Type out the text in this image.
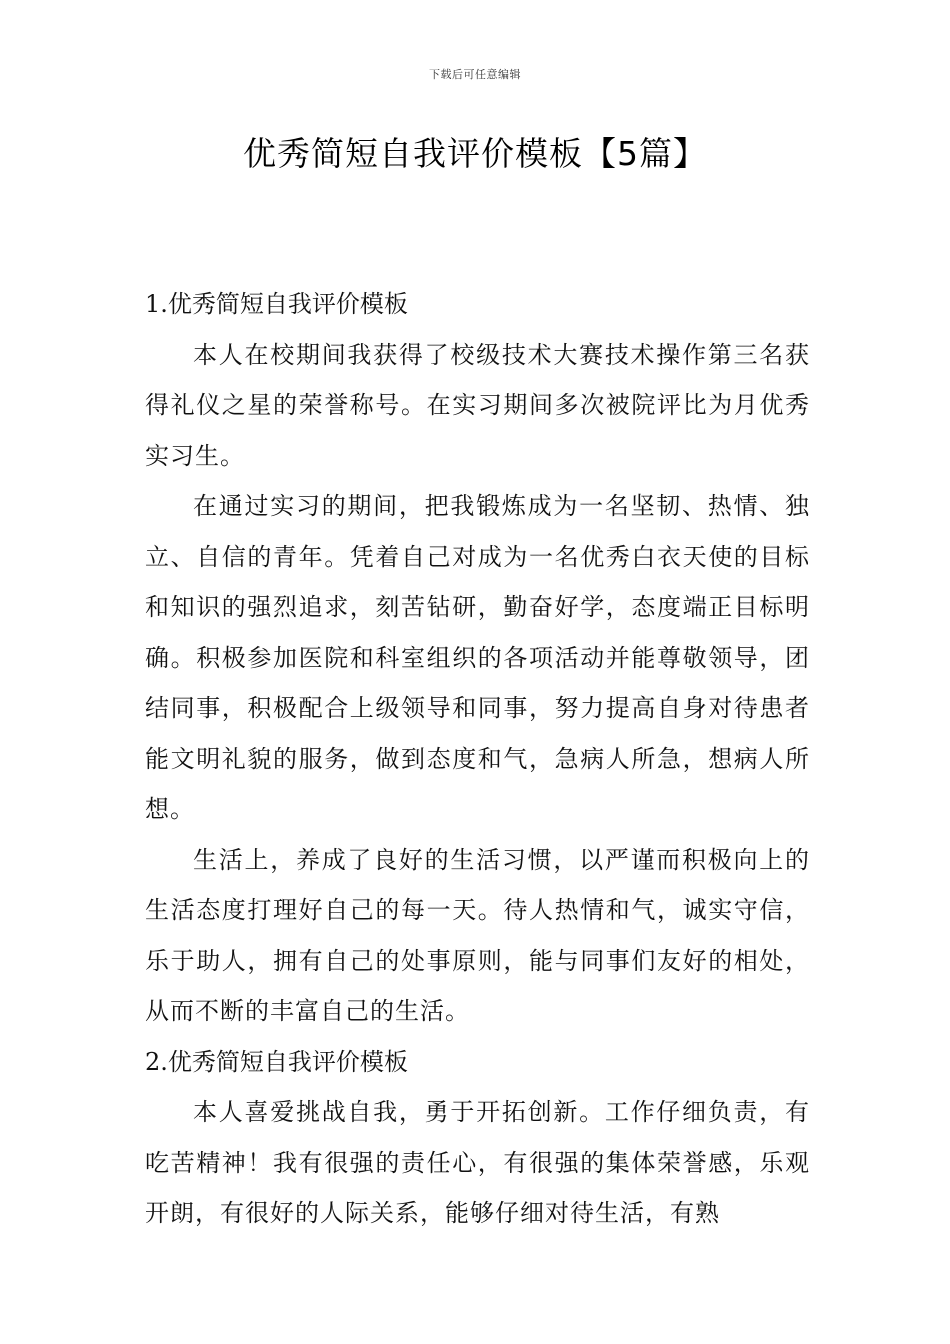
下载后可任意编辑
优秀简短自我评价模板【5篇】

1.优秀简短自我评价模板

本人在校期间我获得了校级技术大赛技术操作第三名获得礼仪之星的荣誉称号。在实习期间多次被院评比为月优秀实习生。

在通过实习的期间，把我锻炼成为一名坚韧、热情、独立、自信的青年。凭着自己对成为一名优秀白衣天使的目标和知识的强烈追求，刻苦钻研，勤奋好学，态度端正目标明确。积极参加医院和科室组织的各项活动并能尊敬领导，团结同事，积极配合上级领导和同事，努力提高自身对待患者能文明礼貌的服务，做到态度和气，急病人所急，想病人所想。

生活上，养成了良好的生活习惯，以严谨而积极向上的生活态度打理好自己的每一天。待人热情和气，诚实守信，乐于助人，拥有自己的处事原则，能与同事们友好的相处，从而不断的丰富自己的生活。

2.优秀简短自我评价模板

本人喜爱挑战自我，勇于开拓创新。工作仔细负责，有吃苦精神！我有很强的责任心，有很强的集体荣誉感，乐观开朗，有很好的人际关系，能够仔细对待生活，有熟
